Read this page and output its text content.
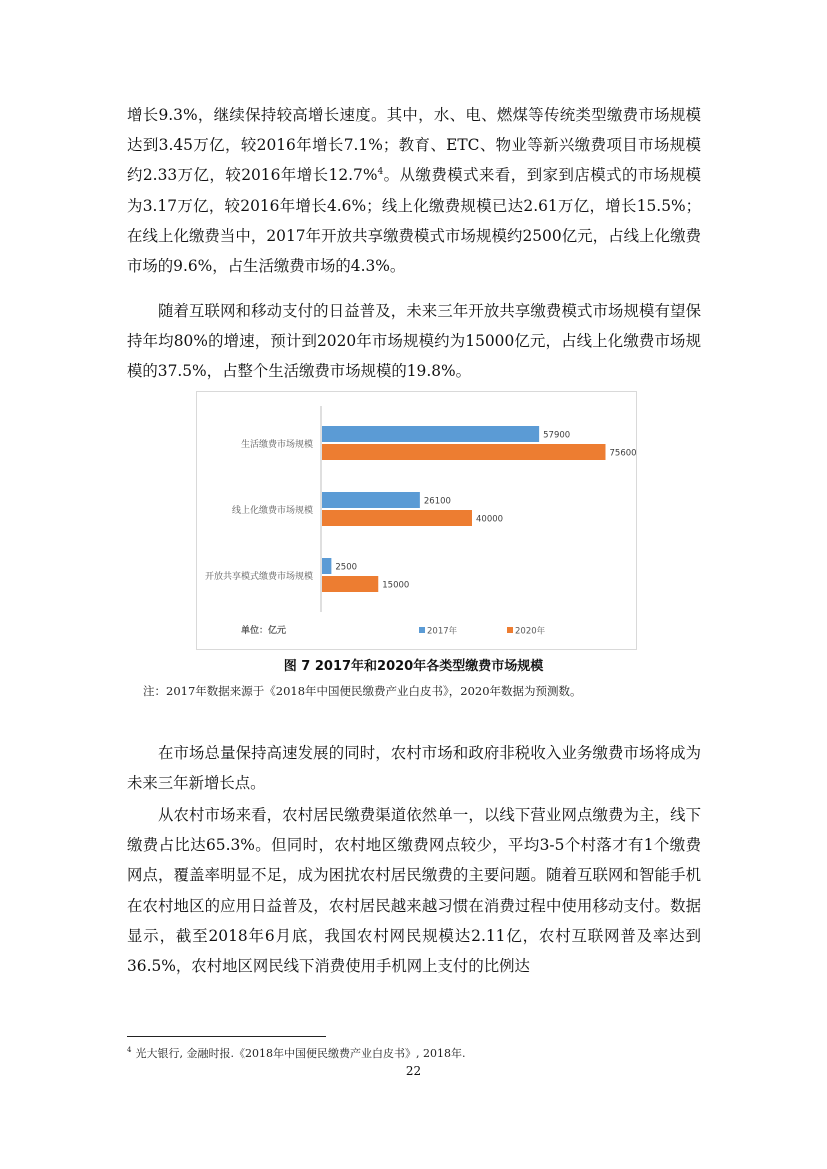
增长9.3%，继续保持较高增长速度。其中，水、电、燃煤等传统类型缴费市场规模达到3.45万亿，较2016年增长7.1%；教育、ETC、物业等新兴缴费项目市场规模约2.33万亿，较2016年增长12.7%$^4$。从缴费模式来看，到家到店模式的市场规模为3.17万亿，较2016年增长4.6%；线上化缴费规模已达2.61万亿，增长15.5%；在线上化缴费当中，2017年开放共享缴费模式市场规模约2500亿元，占线上化缴费市场的9.6%，占生活缴费市场的4.3%。

随着互联网和移动支付的日益普及，未来三年开放共享缴费模式市场规模有望保持年均80%的增速，预计到2020年市场规模约为15000亿元，占线上化缴费市场规模的37.5%，占整个生活缴费市场规模的19.8%。

生活缴费市场规模
57900
75600
线上化缴费市场规模
26100
40000
开放共享模式缴费市场规模
2500
15000
单位：亿元	2017年	2020年
图 7 2017年和2020年各类型缴费市场规模
注：2017年数据来源于《2018年中国便民缴费产业白皮书》，2020年数据为预测数。

在市场总量保持高速发展的同时，农村市场和政府非税收入业务缴费市场将成为未来三年新增长点。

从农村市场来看，农村居民缴费渠道依然单一，以线下营业网点缴费为主，线下缴费占比达65.3%。但同时，农村地区缴费网点较少，平均3-5个村落才有1个缴费网点，覆盖率明显不足，成为困扰农村居民缴费的主要问题。随着互联网和智能手机在农村地区的应用日益普及，农村居民越来越习惯在消费过程中使用移动支付。数据显示，截至2018年6月底，我国农村网民规模达2.11亿，农村互联网普及率达到36.5%，农村地区网民线下消费使用手机网上支付的比例达

$^4$ 光大银行, 金融时报.《2018年中国便民缴费产业白皮书》, 2018年.
22
